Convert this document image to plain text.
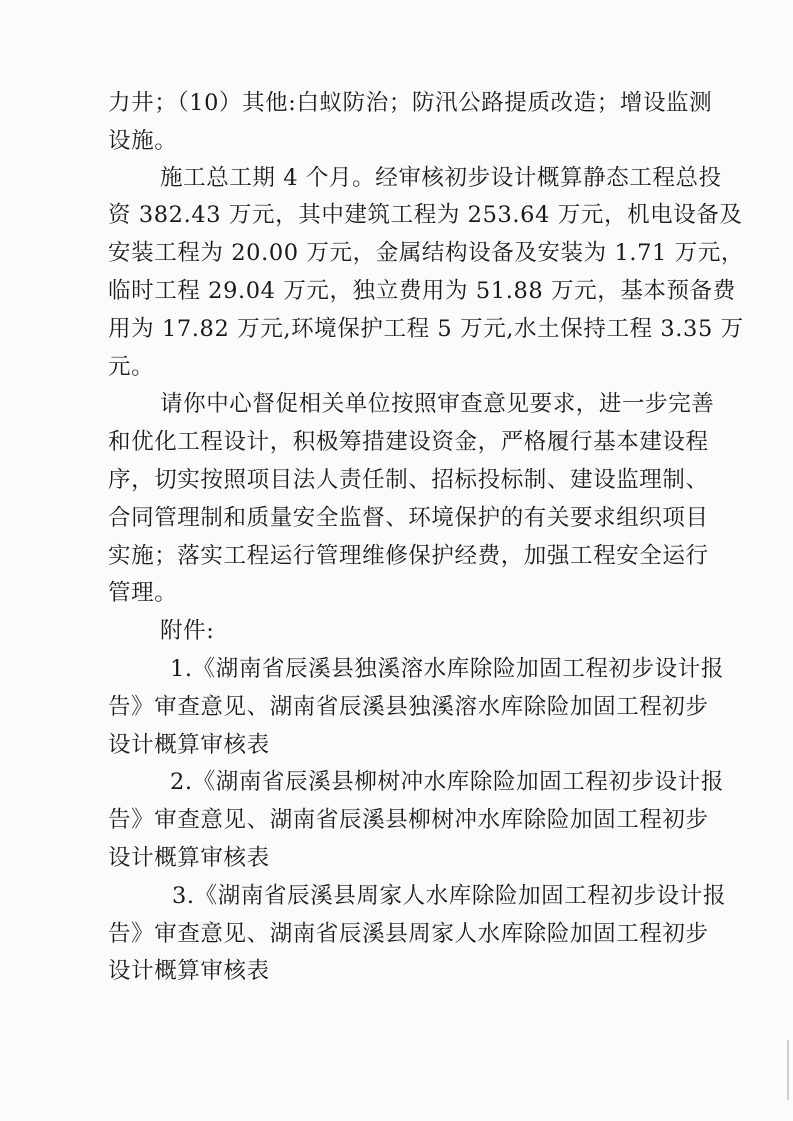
力井；（10）其他:白蚁防治；防汛公路提质改造；增设监测
设施。
施工总工期 4 个月。经审核初步设计概算静态工程总投
资 382.43 万元，其中建筑工程为 253.64 万元，机电设备及
安装工程为 20.00 万元，金属结构设备及安装为 1.71 万元，
临时工程 29.04 万元，独立费用为 51.88 万元，基本预备费
用为 17.82 万元,环境保护工程 5 万元,水土保持工程 3.35 万
元。
请你中心督促相关单位按照审查意见要求，进一步完善
和优化工程设计，积极筹措建设资金，严格履行基本建设程
序，切实按照项目法人责任制、招标投标制、建设监理制、
合同管理制和质量安全监督、环境保护的有关要求组织项目
实施；落实工程运行管理维修保护经费，加强工程安全运行
管理。
附件:
1.《湖南省辰溪县独溪溶水库除险加固工程初步设计报
告》审查意见、湖南省辰溪县独溪溶水库除险加固工程初步
设计概算审核表
2.《湖南省辰溪县柳树冲水库除险加固工程初步设计报
告》审查意见、湖南省辰溪县柳树冲水库除险加固工程初步
设计概算审核表
3.《湖南省辰溪县周家人水库除险加固工程初步设计报
告》审查意见、湖南省辰溪县周家人水库除险加固工程初步
设计概算审核表
